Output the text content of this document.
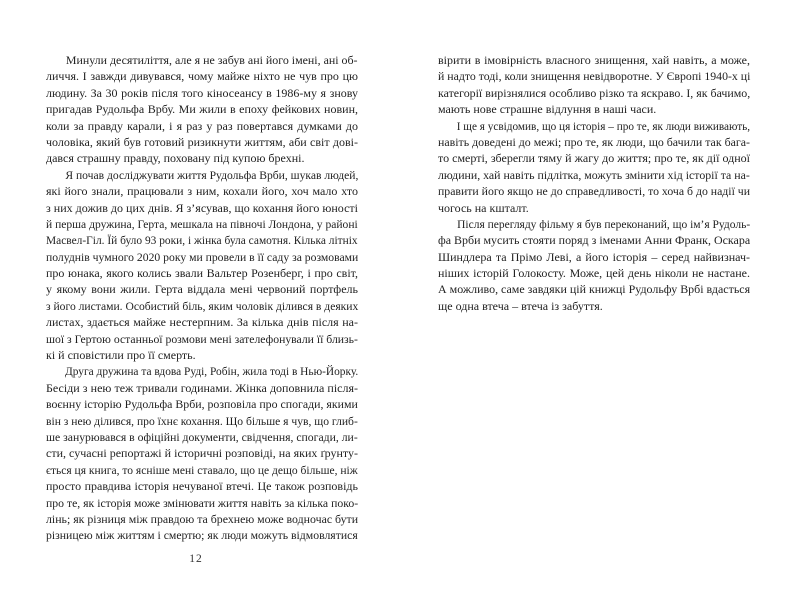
Минули десятиліття, але я не забув ані його імені, ані об-
личчя. І завжди дивувався, чому майже ніхто не чув про цю
людину. За 30 років після того кіносеансу в 1986-му я знову
пригадав Рудольфа Врбу. Ми жили в епоху фейкових новин,
коли за правду карали, і я раз у раз повертався думками до
чоловіка, який був готовий ризикнути життям, аби світ дові-
дався страшну правду, поховану під купою брехні.
Я почав досліджувати життя Рудольфа Врби, шукав людей,
які його знали, працювали з ним, кохали його, хоч мало хто
з них дожив до цих днів. Я з’ясував, що кохання його юності
й перша дружина, Герта, мешкала на півночі Лондона, у районі
Масвел-Гіл. Їй було 93 роки, і жінка була самотня. Кілька літніх
полуднів чумного 2020 року ми провели в її саду за розмовами
про юнака, якого колись звали Вальтер Розенберг, і про світ,
у якому вони жили. Герта віддала мені червоний портфель
з його листами. Особистий біль, яким чоловік ділився в деяких
листах, здається майже нестерпним. За кілька днів після на-
шої з Гертою останньої розмови мені зателефонували її близь-
кі й сповістили про її смерть.
Друга дружина та вдова Руді, Робін, жила тоді в Нью-Йорку.
Бесіди з нею теж тривали годинами. Жінка доповнила після-
воєнну історію Рудольфа Врби, розповіла про спогади, якими
він з нею ділився, про їхнє кохання. Що більше я чув, що глиб-
ше занурювався в офіційні документи, свідчення, спогади, ли-
сти, сучасні репортажі й історичні розповіді, на яких ґрунту-
ється ця книга, то ясніше мені ставало, що це дещо більше, ніж
просто правдива історія нечуваної втечі. Це також розповідь
про те, як історія може змінювати життя навіть за кілька поко-
лінь; як різниця між правдою та брехнею може водночас бути
різницею між життям і смертю; як люди можуть відмовлятися
вірити в імовірність власного знищення, хай навіть, а може,
й надто тоді, коли знищення невідворотне. У Європі 1940-х ці
категорії вирізнялися особливо різко та яскраво. І, як бачимо,
мають нове страшне відлуння в наші часи.
І ще я усвідомив, що ця історія – про те, як люди виживають,
навіть доведені до межі; про те, як люди, що бачили так бага-
то смерті, зберегли тяму й жагу до життя; про те, як дії одної
людини, хай навіть підлітка, можуть змінити хід історії та на-
правити його якщо не до справедливості, то хоча б до надії чи
чогось на кшталт.
Після перегляду фільму я був переконаний, що ім’я Рудоль-
фа Врби мусить стояти поряд з іменами Анни Франк, Оскара
Шиндлера та Прімо Леві, а його історія – серед найвизнач-
ніших історій Голокосту. Може, цей день ніколи не настане.
А можливо, саме завдяки цій книжці Рудольфу Врбі вдасться
ще одна втеча – втеча із забуття.
12
